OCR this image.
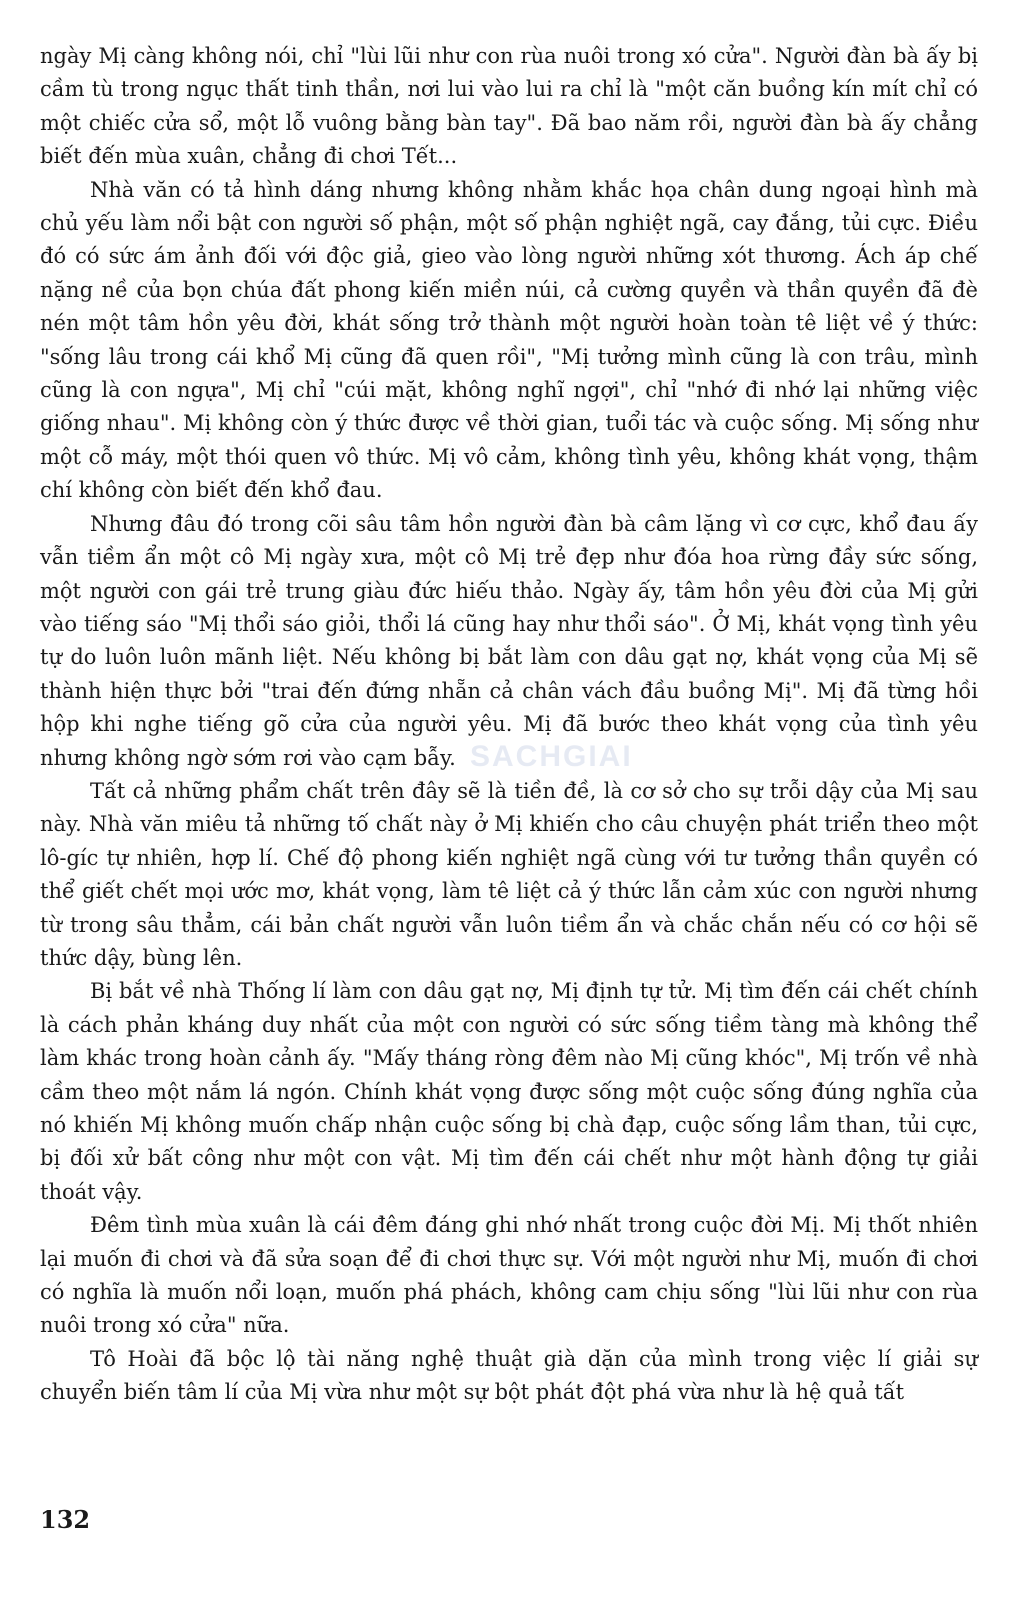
ngày Mị càng không nói, chỉ "lùi lũi như con rùa nuôi trong xó cửa". Người đàn bà ấy bị cầm tù trong ngục thất tinh thần, nơi lui vào lui ra chỉ là "một căn buồng kín mít chỉ có một chiếc cửa sổ, một lỗ vuông bằng bàn tay". Đã bao năm rồi, người đàn bà ấy chẳng biết đến mùa xuân, chẳng đi chơi Tết...

Nhà văn có tả hình dáng nhưng không nhằm khắc họa chân dung ngoại hình mà chủ yếu làm nổi bật con người số phận, một số phận nghiệt ngã, cay đắng, tủi cực. Điều đó có sức ám ảnh đối với độc giả, gieo vào lòng người những xót thương. Ách áp chế nặng nề của bọn chúa đất phong kiến miền núi, cả cường quyền và thần quyền đã đè nén một tâm hồn yêu đời, khát sống trở thành một người hoàn toàn tê liệt về ý thức: "sống lâu trong cái khổ Mị cũng đã quen rồi", "Mị tưởng mình cũng là con trâu, mình cũng là con ngựa", Mị chỉ "cúi mặt, không nghĩ ngợi", chỉ "nhớ đi nhớ lại những việc giống nhau". Mị không còn ý thức được về thời gian, tuổi tác và cuộc sống. Mị sống như một cỗ máy, một thói quen vô thức. Mị vô cảm, không tình yêu, không khát vọng, thậm chí không còn biết đến khổ đau.

Nhưng đâu đó trong cõi sâu tâm hồn người đàn bà câm lặng vì cơ cực, khổ đau ấy vẫn tiềm ẩn một cô Mị ngày xưa, một cô Mị trẻ đẹp như đóa hoa rừng đầy sức sống, một người con gái trẻ trung giàu đức hiếu thảo. Ngày ấy, tâm hồn yêu đời của Mị gửi vào tiếng sáo "Mị thổi sáo giỏi, thổi lá cũng hay như thổi sáo". Ở Mị, khát vọng tình yêu tự do luôn luôn mãnh liệt. Nếu không bị bắt làm con dâu gạt nợ, khát vọng của Mị sẽ thành hiện thực bởi "trai đến đứng nhẵn cả chân vách đầu buồng Mị". Mị đã từng hồi hộp khi nghe tiếng gõ cửa của người yêu. Mị đã bước theo khát vọng của tình yêu nhưng không ngờ sớm rơi vào cạm bẫy.

Tất cả những phẩm chất trên đây sẽ là tiền đề, là cơ sở cho sự trỗi dậy của Mị sau này. Nhà văn miêu tả những tố chất này ở Mị khiến cho câu chuyện phát triển theo một lô-gíc tự nhiên, hợp lí. Chế độ phong kiến nghiệt ngã cùng với tư tưởng thần quyền có thể giết chết mọi ước mơ, khát vọng, làm tê liệt cả ý thức lẫn cảm xúc con người nhưng từ trong sâu thẳm, cái bản chất người vẫn luôn tiềm ẩn và chắc chắn nếu có cơ hội sẽ thức dậy, bùng lên.

Bị bắt về nhà Thống lí làm con dâu gạt nợ, Mị định tự tử. Mị tìm đến cái chết chính là cách phản kháng duy nhất của một con người có sức sống tiềm tàng mà không thể làm khác trong hoàn cảnh ấy. "Mấy tháng ròng đêm nào Mị cũng khóc", Mị trốn về nhà cầm theo một nắm lá ngón. Chính khát vọng được sống một cuộc sống đúng nghĩa của nó khiến Mị không muốn chấp nhận cuộc sống bị chà đạp, cuộc sống lầm than, tủi cực, bị đối xử bất công như một con vật. Mị tìm đến cái chết như một hành động tự giải thoát vậy.

Đêm tình mùa xuân là cái đêm đáng ghi nhớ nhất trong cuộc đời Mị. Mị thốt nhiên lại muốn đi chơi và đã sửa soạn để đi chơi thực sự. Với một người như Mị, muốn đi chơi có nghĩa là muốn nổi loạn, muốn phá phách, không cam chịu sống "lùi lũi như con rùa nuôi trong xó cửa" nữa.

Tô Hoài đã bộc lộ tài năng nghệ thuật già dặn của mình trong việc lí giải sự chuyển biến tâm lí của Mị vừa như một sự bột phát đột phá vừa như là hệ quả tất

SACHGIAI
132
